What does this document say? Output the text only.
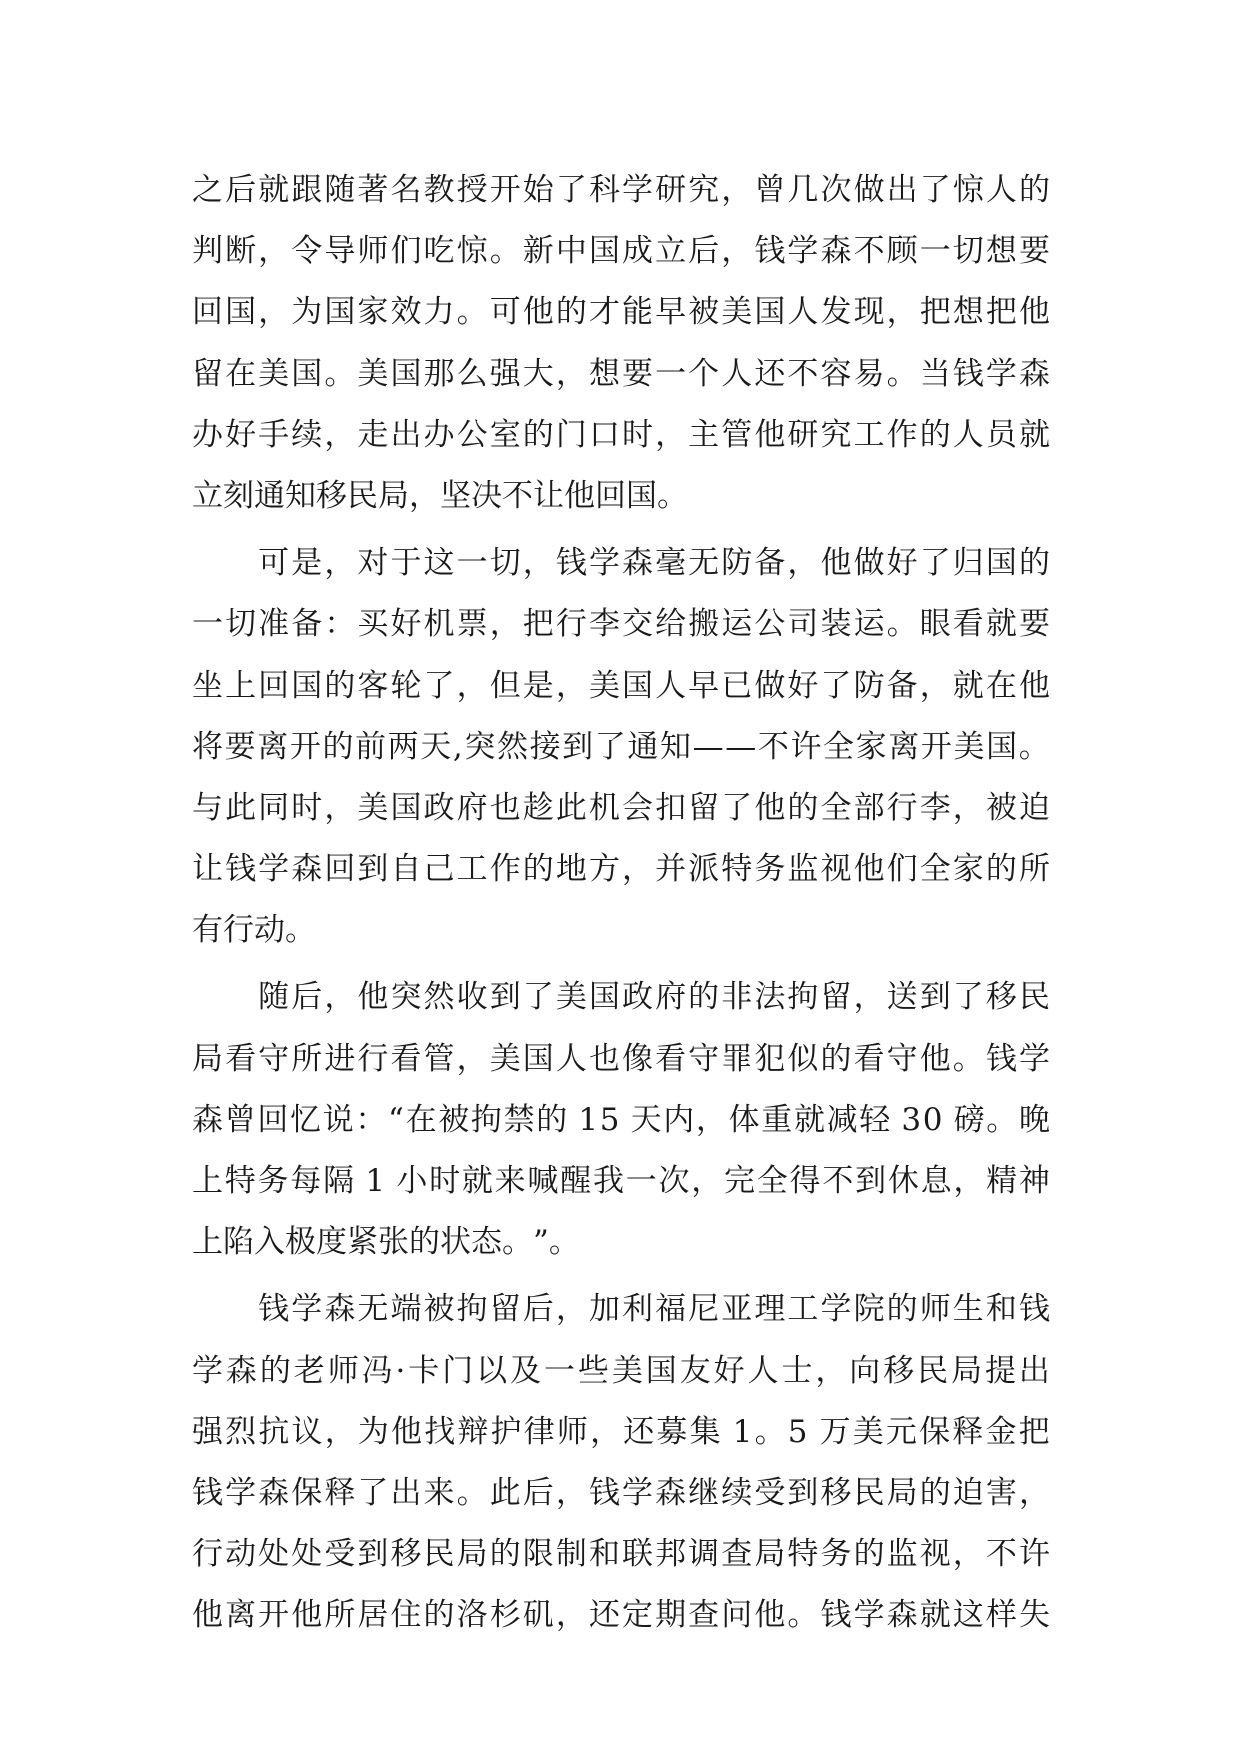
之 后 就 跟 随 著 名 教 授 开 始 了 科 学 研 究 ， 曾 几 次 做 出 了 惊 人 的
判 断 ， 令 导 师 们 吃 惊 。 新 中 国 成 立 后 ， 钱 学 森 不 顾 一 切 想 要
回 国 ， 为 国 家 效 力 。 可 他 的 才 能 早 被 美 国 人 发 现 ， 把 想 把 他
留 在 美 国 。 美 国 那 么 强 大 ， 想 要 一 个 人 还 不 容 易 。 当 钱 学 森
办 好 手 续 ， 走 出 办 公 室 的 门 口 时 ， 主 管 他 研 究 工 作 的 人 员 就
立 刻 通 知 移 民 局 ， 坚 决 不 让 他 回 国 。

可 是 ， 对 于 这 一 切 ， 钱 学 森 毫 无 防 备 ， 他 做 好 了 归 国 的
一 切 准 备 ： 买 好 机 票 ， 把 行 李 交 给 搬 运 公 司 装 运 。 眼 看 就 要
坐 上 回 国 的 客 轮 了 ， 但 是 ， 美 国 人 早 已 做 好 了 防 备 ， 就 在 他
将 要 离 开 的 前 两 天 , 突 然 接 到 了 通 知 — — 不 许 全 家 离 开 美 国 。
与 此 同 时 ， 美 国 政 府 也 趁 此 机 会 扣 留 了 他 的 全 部 行 李 ， 被 迫
让 钱 学 森 回 到 自 己 工 作 的 地 方 ， 并 派 特 务 监 视 他 们 全 家 的 所
有 行 动 。

随 后 ， 他 突 然 收 到 了 美 国 政 府 的 非 法 拘 留 ， 送 到 了 移 民
局 看 守 所 进 行 看 管 ， 美 国 人 也 像 看 守 罪 犯 似 的 看 守 他 。 钱 学
森 曾 回 忆 说 ： “ 在 被 拘 禁 的 1 5 天 内 ， 体 重 就 减 轻 3 0 磅 。 晚
上 特 务 每 隔 1 小 时 就 来 喊 醒 我 一 次 ， 完 全 得 不 到 休 息 ， 精 神
上 陷 入 极 度 紧 张 的 状 态 。 ” 。

钱 学 森 无 端 被 拘 留 后 ， 加 利 福 尼 亚 理 工 学 院 的 师 生 和 钱
学 森 的 老 师 冯 · 卡 门 以 及 一 些 美 国 友 好 人 士 ， 向 移 民 局 提 出
强 烈 抗 议 ， 为 他 找 辩 护 律 师 ， 还 募 集 1 。 5 万 美 元 保 释 金 把
钱 学 森 保 释 了 出 来 。 此 后 ， 钱 学 森 继 续 受 到 移 民 局 的 迫 害 ，
行 动 处 处 受 到 移 民 局 的 限 制 和 联 邦 调 查 局 特 务 的 监 视 ， 不 许
他 离 开 他 所 居 住 的 洛 杉 矶 ， 还 定 期 查 问 他 。 钱 学 森 就 这 样 失
